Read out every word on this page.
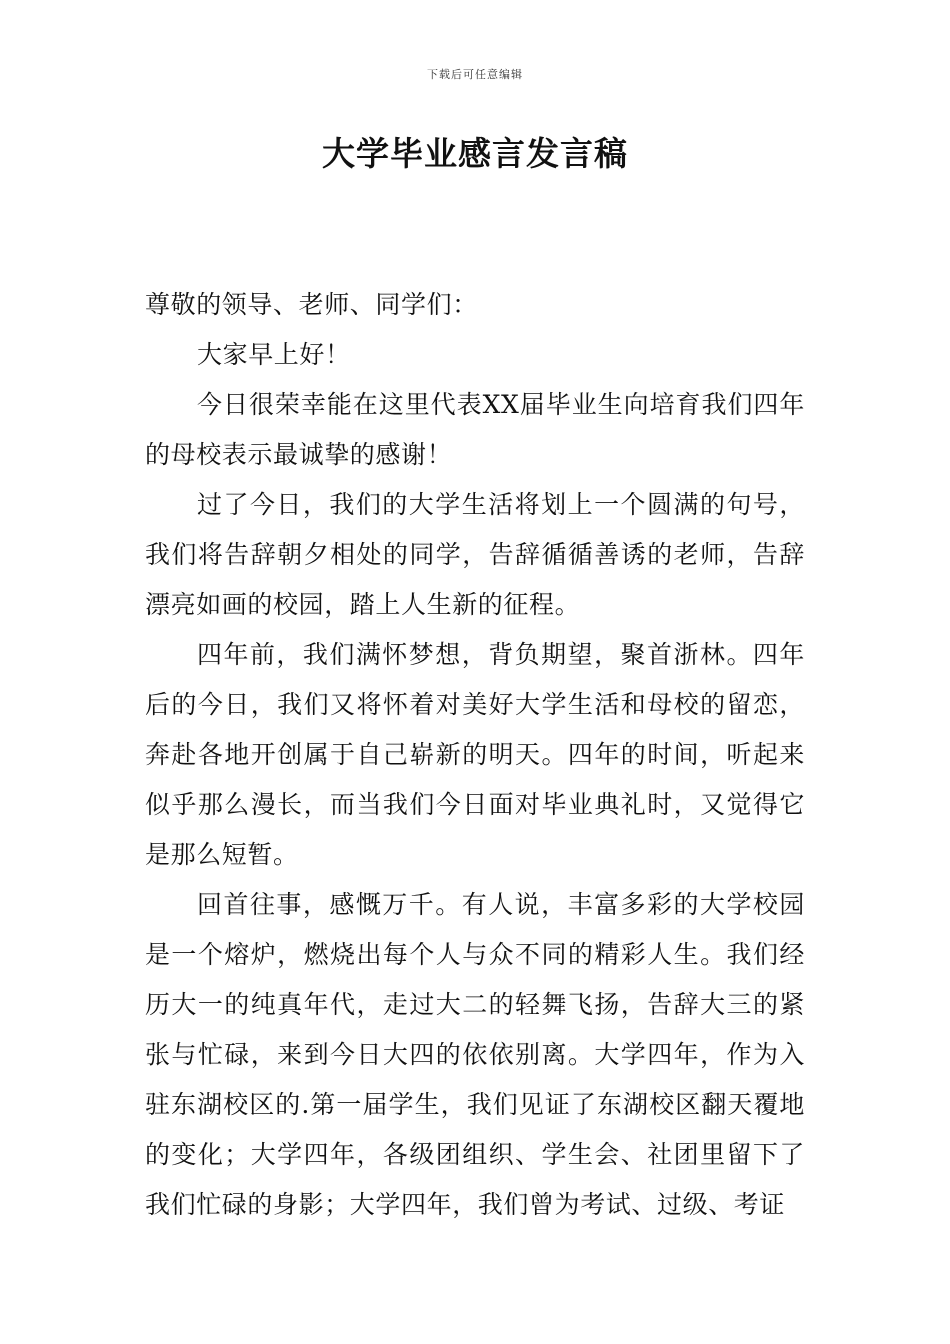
下载后可任意编辑
大学毕业感言发言稿

尊敬的领导、老师、同学们：

大家早上好！

今日很荣幸能在这里代表XX届毕业生向培育我们四年的母校表示最诚挚的感谢！

过了今日，我们的大学生活将划上一个圆满的句号，我们将告辞朝夕相处的同学，告辞循循善诱的老师，告辞漂亮如画的校园，踏上人生新的征程。

四年前，我们满怀梦想，背负期望，聚首浙林。四年后的今日，我们又将怀着对美好大学生活和母校的留恋，奔赴各地开创属于自己崭新的明天。四年的时间，听起来似乎那么漫长，而当我们今日面对毕业典礼时，又觉得它是那么短暂。

回首往事，感慨万千。有人说，丰富多彩的大学校园是一个熔炉，燃烧出每个人与众不同的精彩人生。我们经历大一的纯真年代，走过大二的轻舞飞扬，告辞大三的紧张与忙碌，来到今日大四的依依别离。大学四年，作为入驻东湖校区的.第一届学生，我们见证了东湖校区翻天覆地的变化；大学四年，各级团组织、学生会、社团里留下了我们忙碌的身影；大学四年，我们曾为考试、过级、考证
